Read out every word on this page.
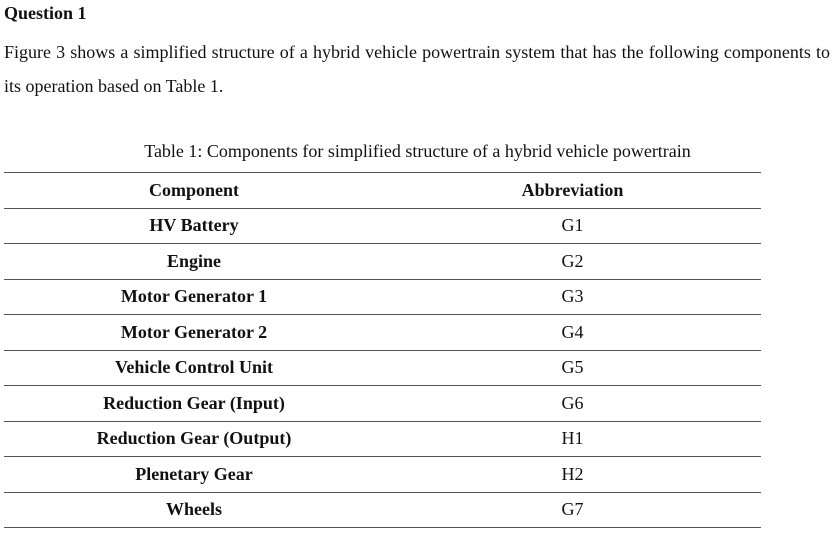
Question 1
Figure 3 shows a simplified structure of a hybrid vehicle powertrain system that has the following components to its operation based on Table 1.
Table 1: Components for simplified structure of a hybrid vehicle powertrain
Component	Abbreviation
HV Battery	G1
Engine	G2
Motor Generator 1	G3
Motor Generator 2	G4
Vehicle Control Unit	G5
Reduction Gear (Input)	G6
Reduction Gear (Output)	H1
Plenetary Gear	H2
Wheels	G7
